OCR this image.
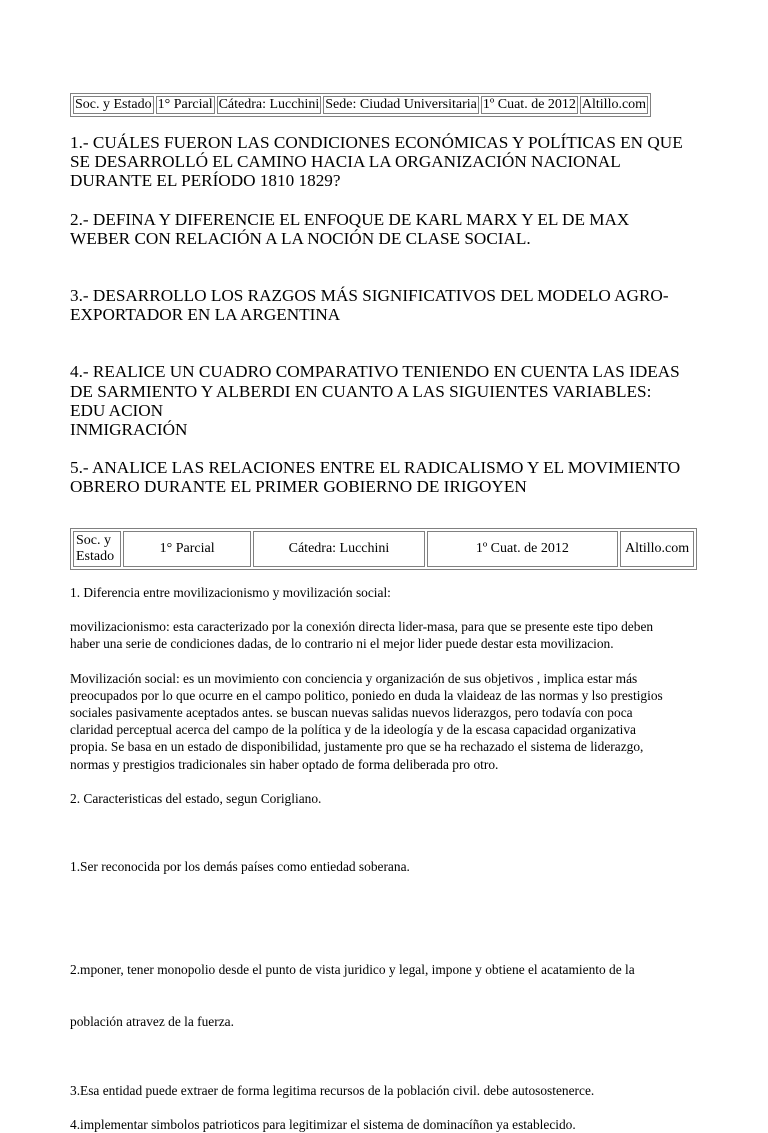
Soc. y Estado	1° Parcial	Cátedra: Lucchini	Sede: Ciudad Universitaria	1º Cuat. de 2012	Altillo.com

1.- CUÁLES FUERON LAS CONDICIONES ECONÓMICAS Y POLÍTICAS EN QUE
SE DESARROLLÓ EL CAMINO HACIA LA ORGANIZACIÓN NACIONAL
DURANTE EL PERÍODO 1810 1829?

2.- DEFINA Y DIFERENCIE EL ENFOQUE DE KARL MARX Y EL DE MAX
WEBER CON RELACIÓN A LA NOCIÓN DE CLASE SOCIAL.

3.- DESARROLLO LOS RAZGOS MÁS SIGNIFICATIVOS DEL MODELO AGRO-
EXPORTADOR EN LA ARGENTINA

4.- REALICE UN CUADRO COMPARATIVO TENIENDO EN CUENTA LAS IDEAS
DE SARMIENTO Y ALBERDI EN CUANTO A LAS SIGUIENTES VARIABLES:
EDU ACION
INMIGRACIÓN

5.- ANALICE LAS RELACIONES ENTRE EL RADICALISMO Y EL MOVIMIENTO
OBRERO DURANTE EL PRIMER GOBIERNO DE IRIGOYEN

Soc. y
Estado	1° Parcial	Cátedra: Lucchini	1º Cuat. de 2012	Altillo.com

1. Diferencia entre movilizacionismo y movilización social:

movilizacionismo: esta caracterizado por la conexión directa lider-masa, para que se presente este tipo deben
haber una serie de condiciones dadas, de lo contrario ni el mejor lider puede destar esta movilizacion.

Movilización social: es un movimiento con conciencia y organización de sus objetivos , implica estar más
preocupados por lo que ocurre en el campo politico, poniedo en duda la vlaideaz de las normas y lso prestigios
sociales pasivamente aceptados antes. se buscan nuevas salidas nuevos liderazgos, pero todavía con poca
claridad perceptual acerca del campo de la política y de la ideología y de la escasa capacidad organizativa
propia. Se basa en un estado de disponibilidad, justamente pro que se ha rechazado el sistema de liderazgo,
normas y prestigios tradicionales sin haber optado de forma deliberada pro otro.

2. Caracteristicas del estado, segun Corigliano.

1.Ser reconocida por los demás países como entiedad soberana.

2.mponer, tener monopolio desde el punto de vista juridico y legal, impone y obtiene el acatamiento de la

población atravez de la fuerza.

3.Esa entidad puede extraer de forma legitima recursos de la población civil. debe autosostenerce.

4.implementar simbolos patrioticos para legitimizar el sistema de dominacíñon ya establecido.
